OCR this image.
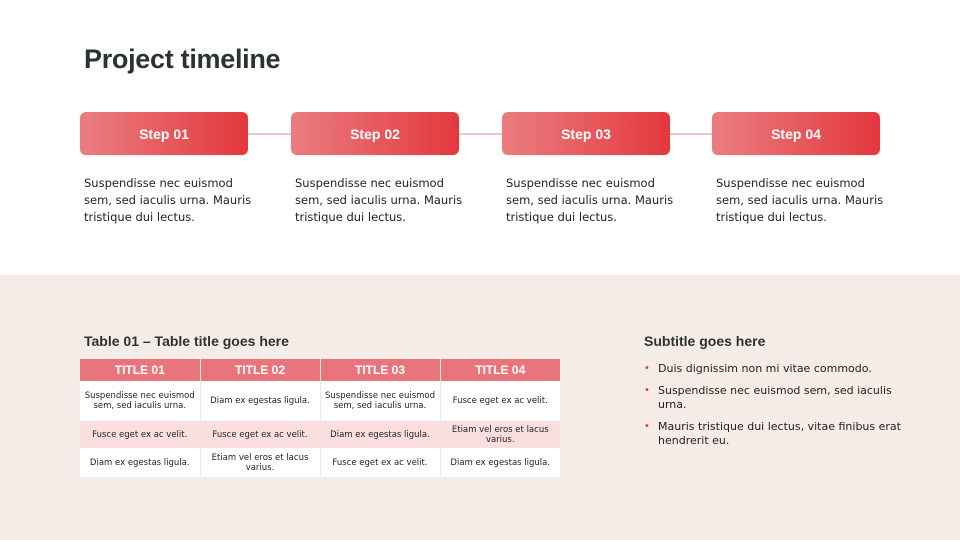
Project timeline
Step 01	Step 02	Step 03	Step 04
Suspendisse nec euismod sem, sed iaculis urna. Mauris tristique dui lectus.
Suspendisse nec euismod sem, sed iaculis urna. Mauris tristique dui lectus.
Suspendisse nec euismod sem, sed iaculis urna. Mauris tristique dui lectus.
Suspendisse nec euismod sem, sed iaculis urna. Mauris tristique dui lectus.
Table 01 – Table title goes here
TITLE 01	TITLE 02	TITLE 03	TITLE 04
Suspendisse nec euismod sem, sed iaculis urna.	Diam ex egestas ligula.	Suspendisse nec euismod sem, sed iaculis urna.	Fusce eget ex ac velit.
Fusce eget ex ac velit.	Fusce eget ex ac velit.	Diam ex egestas ligula.	Etiam vel eros et lacus varius.
Diam ex egestas ligula.	Etiam vel eros et lacus varius.	Fusce eget ex ac velit.	Diam ex egestas ligula.
Subtitle goes here
• Duis dignissim non mi vitae commodo.
• Suspendisse nec euismod sem, sed iaculis urna.
• Mauris tristique dui lectus, vitae finibus erat hendrerit eu.
